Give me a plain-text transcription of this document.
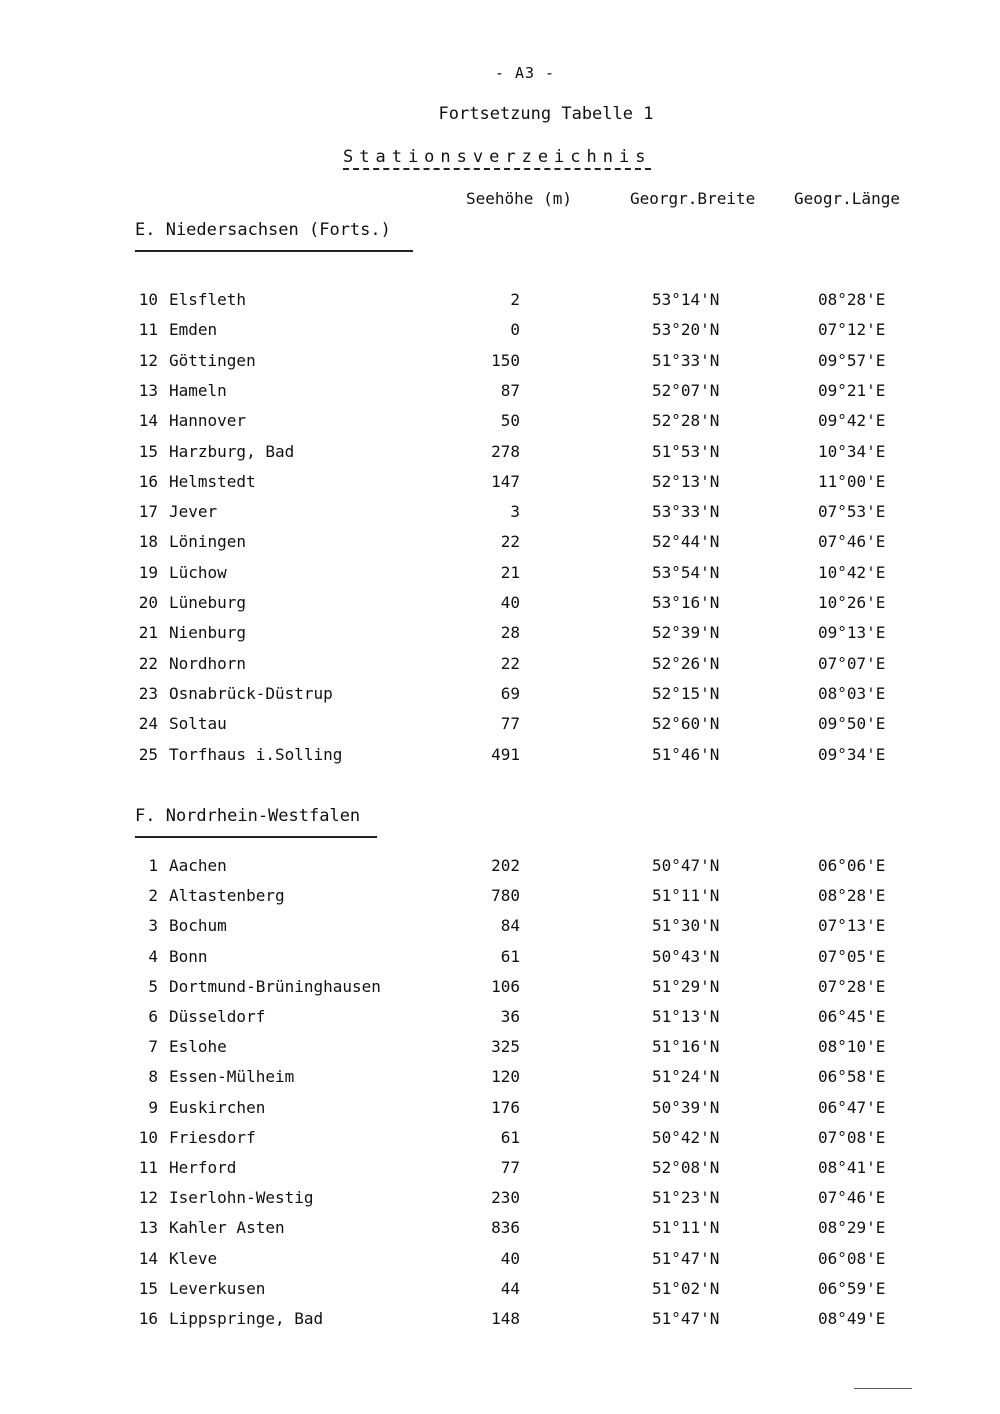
- A3 -
Fortsetzung Tabelle 1
Stationsverzeichnis
Seehöhe (m)	Georgr.Breite Geogr.Länge
E. Niedersachsen (Forts.)
10 Elsfleth	2	53°14'N	08°28'E
11 Emden	0	53°20'N	07°12'E
12 Göttingen	150	51°33'N	09°57'E
13 Hameln	87	52°07'N	09°21'E
14 Hannover	50	52°28'N	09°42'E
15 Harzburg, Bad	278	51°53'N	10°34'E
16 Helmstedt	147	52°13'N	11°00'E
17 Jever	3	53°33'N	07°53'E
18 Löningen	22	52°44'N	07°46'E
19 Lüchow	21	53°54'N	10°42'E
20 Lüneburg	40	53°16'N	10°26'E
21 Nienburg	28	52°39'N	09°13'E
22 Nordhorn	22	52°26'N	07°07'E
23 Osnabrück-Düstrup	69	52°15'N	08°03'E
24 Soltau	77	52°60'N	09°50'E
25 Torfhaus i.Solling	491	51°46'N	09°34'E
F. Nordrhein-Westfalen
1 Aachen	202	50°47'N	06°06'E
2 Altastenberg	780	51°11'N	08°28'E
3 Bochum	84	51°30'N	07°13'E
4 Bonn	61	50°43'N	07°05'E
5 Dortmund-Brüninghausen	106	51°29'N	07°28'E
6 Düsseldorf	36	51°13'N	06°45'E
7 Eslohe	325	51°16'N	08°10'E
8 Essen-Mülheim	120	51°24'N	06°58'E
9 Euskirchen	176	50°39'N	06°47'E
10 Friesdorf	61	50°42'N	07°08'E
11 Herford	77	52°08'N	08°41'E
12 Iserlohn-Westig	230	51°23'N	07°46'E
13 Kahler Asten	836	51°11'N	08°29'E
14 Kleve	40	51°47'N	06°08'E
15 Leverkusen	44	51°02'N	06°59'E
16 Lippspringe, Bad	148	51°47'N	08°49'E
